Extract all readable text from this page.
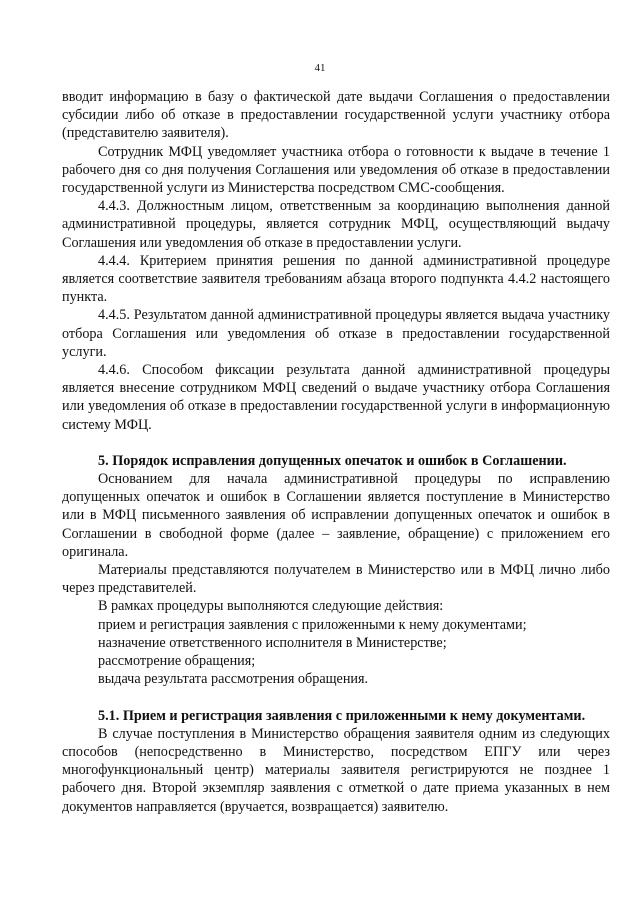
41

вводит информацию в базу о фактической дате выдачи Соглашения о предоставлении субсидии либо об отказе в предоставлении государственной услуги участнику отбора (представителю заявителя).

Сотрудник МФЦ уведомляет участника отбора о готовности к выдаче в течение 1 рабочего дня со дня получения Соглашения или уведомления об отказе в предоставлении государственной услуги из Министерства посредством СМС-сообщения.

4.4.3. Должностным лицом, ответственным за координацию выполнения данной административной процедуры, является сотрудник МФЦ, осуществляющий выдачу Соглашения или уведомления об отказе в предоставлении услуги.

4.4.4. Критерием принятия решения по данной административной процедуре является соответствие заявителя требованиям абзаца второго подпункта 4.4.2 настоящего пункта.

4.4.5. Результатом данной административной процедуры является выдача участнику отбора Соглашения или уведомления об отказе в предоставлении государственной услуги.

4.4.6. Способом фиксации результата данной административной процедуры является внесение сотрудником МФЦ сведений о выдаче участнику отбора Соглашения или уведомления об отказе в предоставлении государственной услуги в информационную систему МФЦ.

5. Порядок исправления допущенных опечаток и ошибок в Соглашении.

Основанием для начала административной процедуры по исправлению допущенных опечаток и ошибок в Соглашении является поступление в Министерство или в МФЦ письменного заявления об исправлении допущенных опечаток и ошибок в Соглашении в свободной форме (далее – заявление, обращение) с приложением его оригинала.

Материалы представляются получателем в Министерство или в МФЦ лично либо через представителей.

В рамках процедуры выполняются следующие действия:

прием и регистрация заявления с приложенными к нему документами;

назначение ответственного исполнителя в Министерстве;

рассмотрение обращения;

выдача результата рассмотрения обращения.

5.1. Прием и регистрация заявления с приложенными к нему документами.

В случае поступления в Министерство обращения заявителя одним из следующих способов (непосредственно в Министерство, посредством ЕПГУ или через многофункциональный центр) материалы заявителя регистрируются не позднее 1 рабочего дня. Второй экземпляр заявления с отметкой о дате приема указанных в нем документов направляется (вручается, возвращается) заявителю.
